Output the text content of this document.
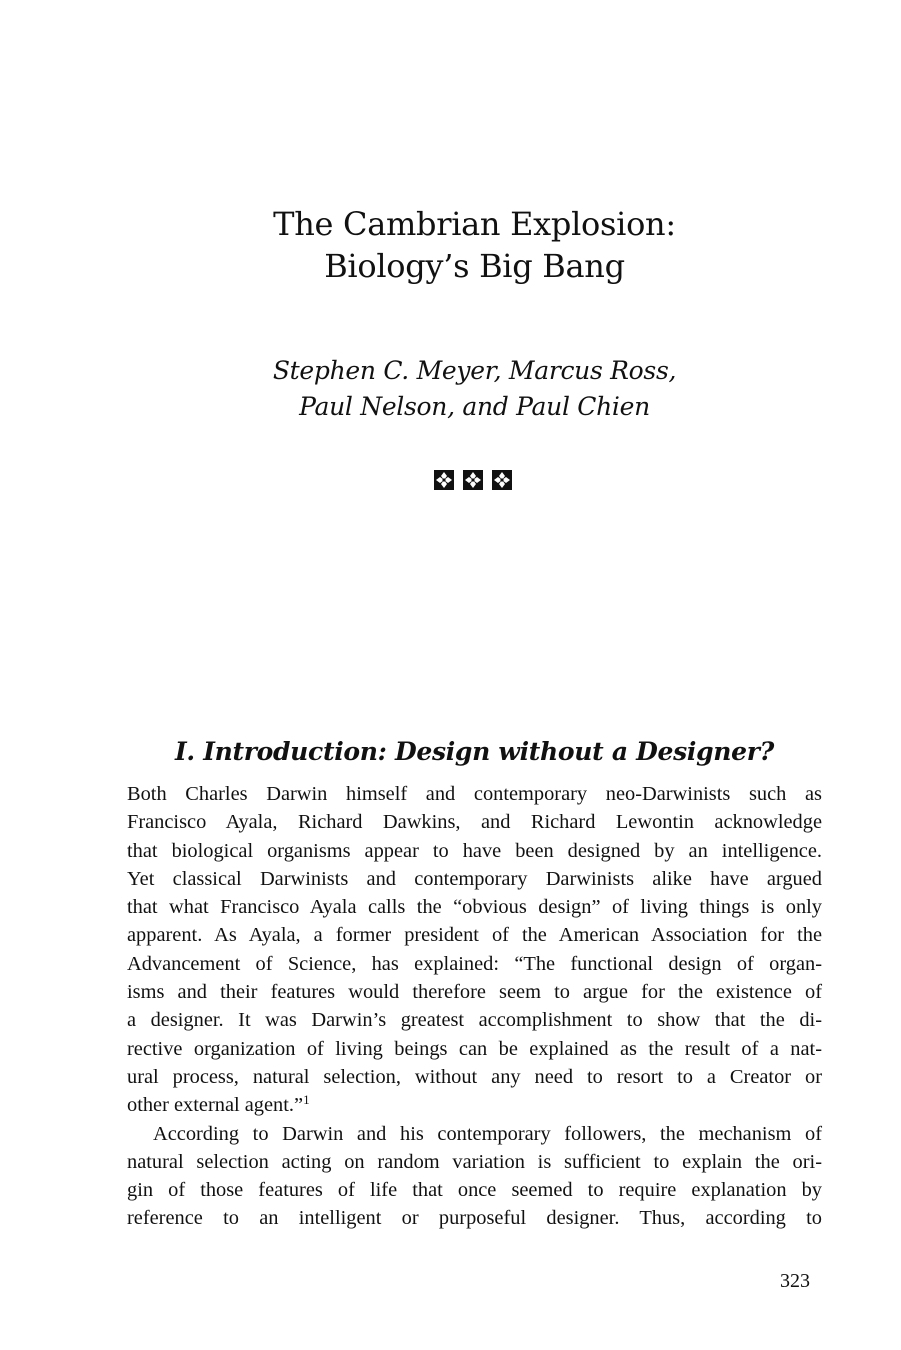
The Cambrian Explosion:
Biology’s Big Bang
Stephen C. Meyer, Marcus Ross,
Paul Nelson, and Paul Chien
I. Introduction: Design without a Designer?

Both Charles Darwin himself and contemporary neo-Darwinists such as
Francisco Ayala, Richard Dawkins, and Richard Lewontin acknowledge
that biological organisms appear to have been designed by an intelligence.
Yet classical Darwinists and contemporary Darwinists alike have argued
that what Francisco Ayala calls the “obvious design” of living things is only
apparent. As Ayala, a former president of the American Association for the
Advancement of Science, has explained: “The functional design of organ-
isms and their features would therefore seem to argue for the existence of
a designer. It was Darwin’s greatest accomplishment to show that the di-
rective organization of living beings can be explained as the result of a nat-
ural process, natural selection, without any need to resort to a Creator or
other external agent.”$^1$

According to Darwin and his contemporary followers, the mechanism of
natural selection acting on random variation is sufficient to explain the ori-
gin of those features of life that once seemed to require explanation by
reference to an intelligent or purposeful designer. Thus, according to

323
